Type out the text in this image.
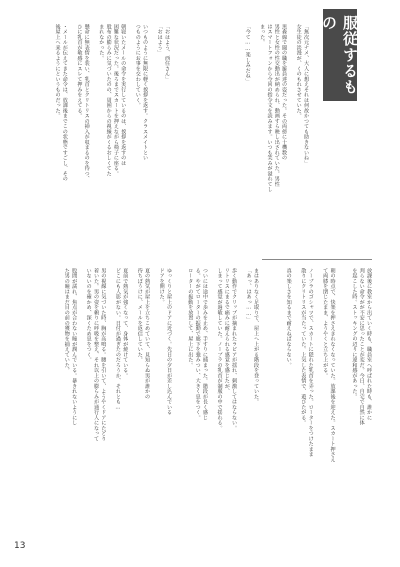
服従するもの
「無次元ナメ、大人に想えそれは何故かつても助きないね」
女生徒の淡漫が、くのもれさせていた。

黒森線で闘の職を羅員達の姿だった。その両傍に十機数の
男性と女性の性交動出が納められ、動画すら映し出されていた。男性
はスマートフォンから今回の指令文を読みます。いつも笑みが溢れてし
まった。

「今て……楽しみだね」
「おはよう、西住さん」
「おはよう」

いつものように無限に軽く挨拶を返す。クラスメイトとい
つものようにお事を交わしていく。

朝寝いたメールの命令を実行しているのは、挨拶を返すのは
困難な状況だった。後ろまでスカートを押えながら椅子に座る。
股布の膨らみに気づいたのの、周囲からの視線がくるおしくてた
まれなかった。

懸命に無表情を装い、乳首とクリトリスの挿入が収まるのを待つ、
ひに乳首が敏感にスレて押みをえてる。

・メールが伝えてきた命令は、放課後までこの状態ですごし、その
後屋上へ来るようにというものだった。
放課後に教室から出ていく時も、職員室へ呼ばれた時も、誰かに
判らない命令がが不安に思ったことが変だ。今日、自宅で自然に体
を起こした時。ストッキングの辺りに違和感があった。

朝の時点で、快楽を押さえきれなくなっていた。放課後を迎えた。スカート押さえ
て両膝を閉じたまま、ようやくと立ち上がる。

ノーブラのゴシャツで、スカートに隠れた乳首を弄った。ローターをつけたまま
散りにクリトリスが当たっていた。上気した表情で、遊びたがる。

真の楽しさを知るまで耐えねばならない。
まはありなく足取りで、屋上へ上がる階段を登っていた。
「あっ、はあっ……」

歩く動作でクリップが摘まれたラビアが揺れ、刺激してはならない。
リトリスにまるで痛みに耐えられる感覚を感じたが、
しまって感覚が過敏していた。ノーブラの乳首が制服の中で揺れる。

ついには途中で歩みを止め、手すりに捕まった。階段が長く感じ
る。やがてローターの振動で廊下を強みつい、大きく息をつく。
ローターの振動を放置して、屋上に出た。
ゆっくりと屋上のドアに近づく。先日の夕日が差し込んでいる
ドアを開けた。

夏の熱気が屋上を立ちこめていて、見知らぬ男が誰かの
待ちぼうけに、メールを返信していた。

夏前で熱気が強くなって、身体が焼けている。
どこにも人影がない。日付が過ぎたのだろうか、それとも…

男の視線に気づいた時、胸が高鳴る。腰を引いて、ようやくドアにたどり
着いた。男の姿を頼りに呼吸を整え、それ以上の膨らみが通行人になって
いないのを確かめ、深くため息をつく。

股間が濡れ、焦点が合わない瞳が潤んでいる。暴きれないようにし
た男の瞳はまだ目の前の獲物を捕えていた。
13
